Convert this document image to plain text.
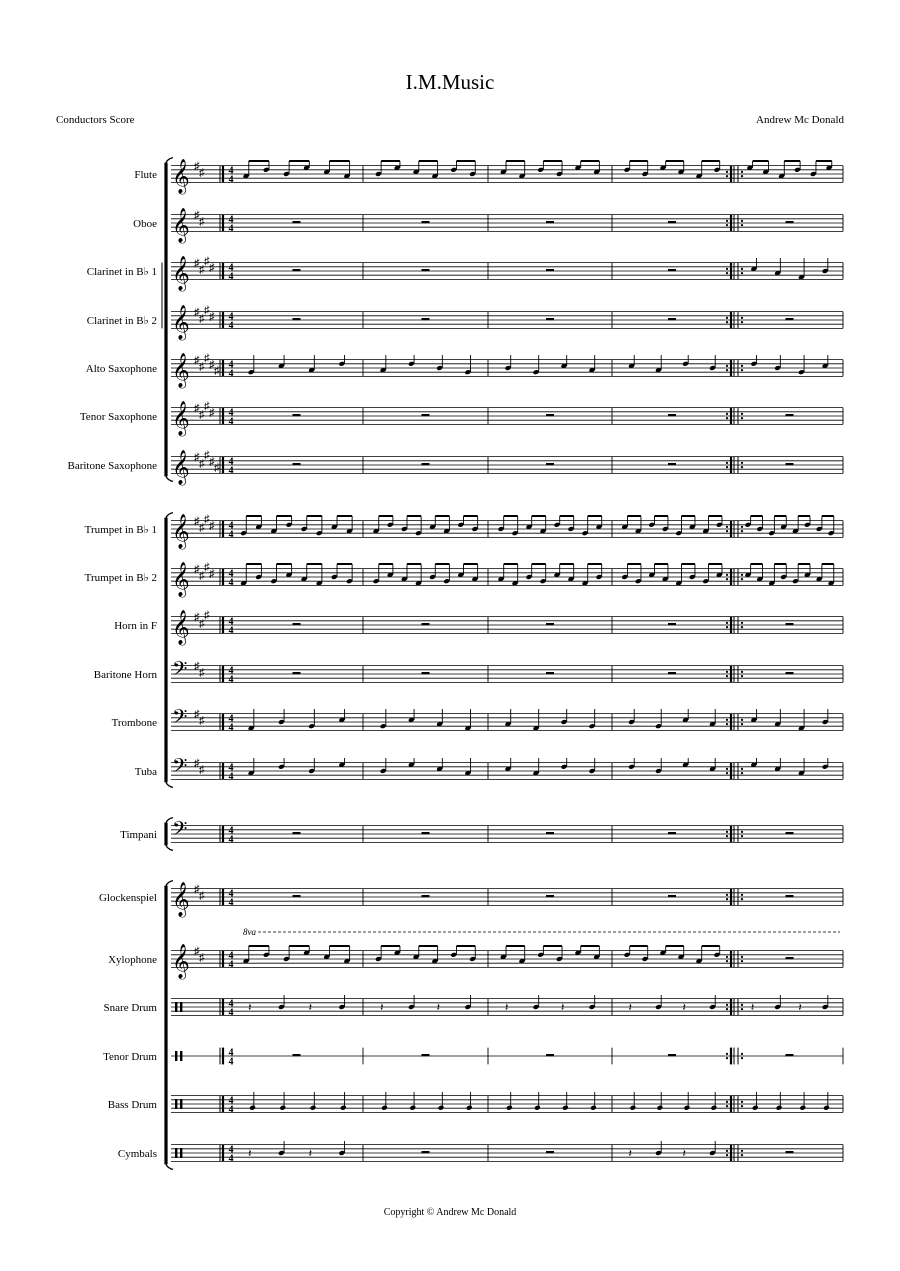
I.M.Music
Conductors Score	Andrew Mc Donald
Flute 𝄞 ♯
♯ 4
4
Oboe 𝄞 ♯
♯ 4
4
Clarinet in B♭ 1 𝄞 ♯
♯
♯
♯ 4
4
Clarinet in B♭ 2 𝄞 ♯
♯
♯
♯ 4
4
Alto Saxophone 𝄞 ♯
♯
♯
♯
♯
4
4
Tenor Saxophone 𝄞 ♯
♯
♯
♯ 4
4
Baritone Saxophone 𝄞 ♯
♯
♯
♯
♯
4
4
Trumpet in B♭ 1 𝄞 ♯
♯
♯
♯ 4
4
Trumpet in B♭ 2 𝄞 ♯
♯
♯
♯ 4
4
Horn in F 𝄞 ♯
♯
♯
4
4
Baritone Horn 𝄢 ♯
♯ 4
4
Trombone 𝄢 ♯
♯ 4
4
Tuba 𝄢 ♯
♯ 4
4
Timpani 𝄢	4
4
Glockenspiel 𝄞 ♯
♯ 4
4
Xylophone 𝄞 ♯
♯ 4
4
Snare Drum	4
4 𝄽	𝄽	𝄽	𝄽	𝄽	𝄽	𝄽	𝄽	𝄽	𝄽
Tenor Drum	4
4
Bass Drum	4
4
Cymbals	4
4 𝄽	𝄽	𝄽	𝄽
8va
Copyright © Andrew Mc Donald
